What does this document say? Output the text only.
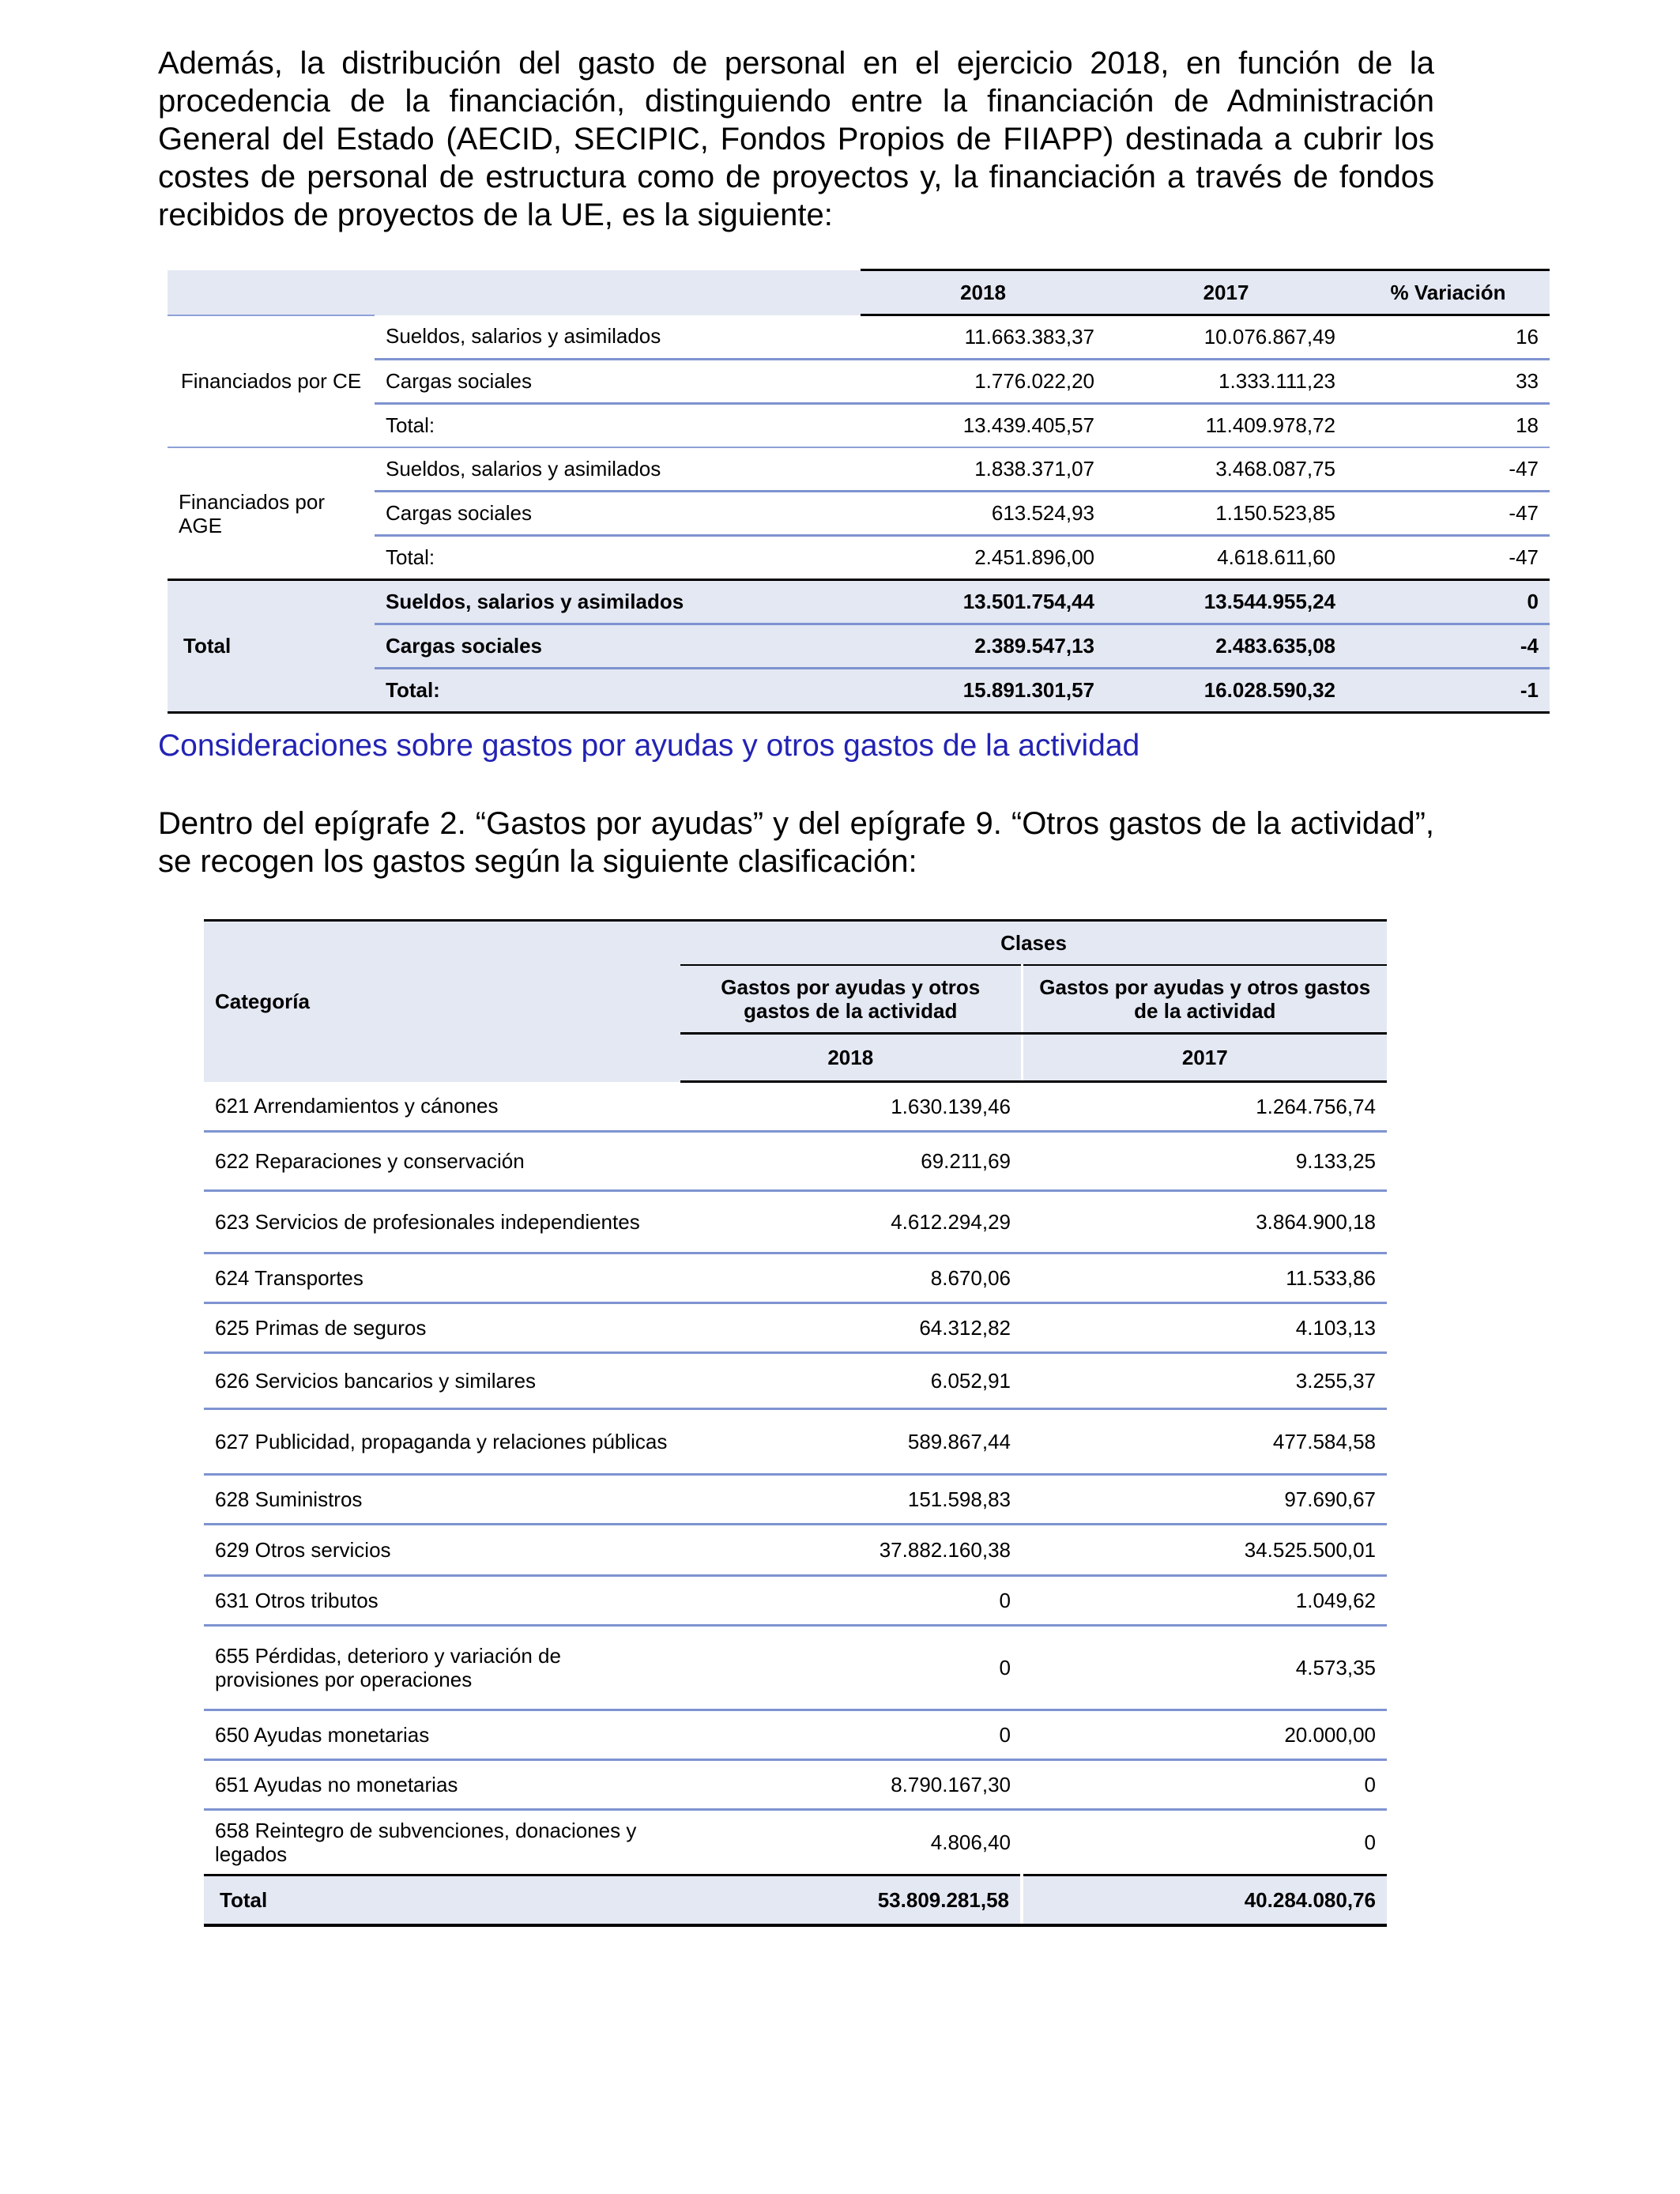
Además, la distribución del gasto de personal en el ejercicio 2018, en función de la procedencia de la financiación, distinguiendo entre la financiación de Administración General del Estado (AECID, SECIPIC, Fondos Propios de FIIAPP) destinada a cubrir los costes de personal de estructura como de proyectos y, la financiación a través de fondos recibidos de proyectos de la UE, es la siguiente:

		2018	2017	% Variación
Financiados por CE	Sueldos, salarios y asimilados	11.663.383,37	10.076.867,49	16
	Cargas sociales	1.776.022,20	1.333.111,23	33
	Total:	13.439.405,57	11.409.978,72	18
Financiados por AGE	Sueldos, salarios y asimilados	1.838.371,07	3.468.087,75	-47
	Cargas sociales	613.524,93	1.150.523,85	-47
	Total:	2.451.896,00	4.618.611,60	-47
Total	Sueldos, salarios y asimilados	13.501.754,44	13.544.955,24	0
	Cargas sociales	2.389.547,13	2.483.635,08	-4
	Total:	15.891.301,57	16.028.590,32	-1
Consideraciones sobre gastos por ayudas y otros gastos de la actividad

Dentro del epígrafe 2. “Gastos por ayudas” y del epígrafe 9. “Otros gastos de la actividad”, se recogen los gastos según la siguiente clasificación:

Categoría	Clases	
	Gastos por ayudas y otros gastos de la actividad	Gastos por ayudas y otros gastos de la actividad
	2018	2017
621 Arrendamientos y cánones	1.630.139,46	1.264.756,74
622 Reparaciones y conservación	69.211,69	9.133,25
623 Servicios de profesionales independientes	4.612.294,29	3.864.900,18
624 Transportes	8.670,06	11.533,86
625 Primas de seguros	64.312,82	4.103,13
626 Servicios bancarios y similares	6.052,91	3.255,37
627 Publicidad, propaganda y relaciones públicas	589.867,44	477.584,58
628 Suministros	151.598,83	97.690,67
629 Otros servicios	37.882.160,38	34.525.500,01
631 Otros tributos	0	1.049,62
655 Pérdidas, deterioro y variación de provisiones por operaciones	0	4.573,35
650 Ayudas monetarias	0	20.000,00
651 Ayudas no monetarias	8.790.167,30	0
658 Reintegro de subvenciones, donaciones y legados	4.806,40	0
Total	53.809.281,58	40.284.080,76
